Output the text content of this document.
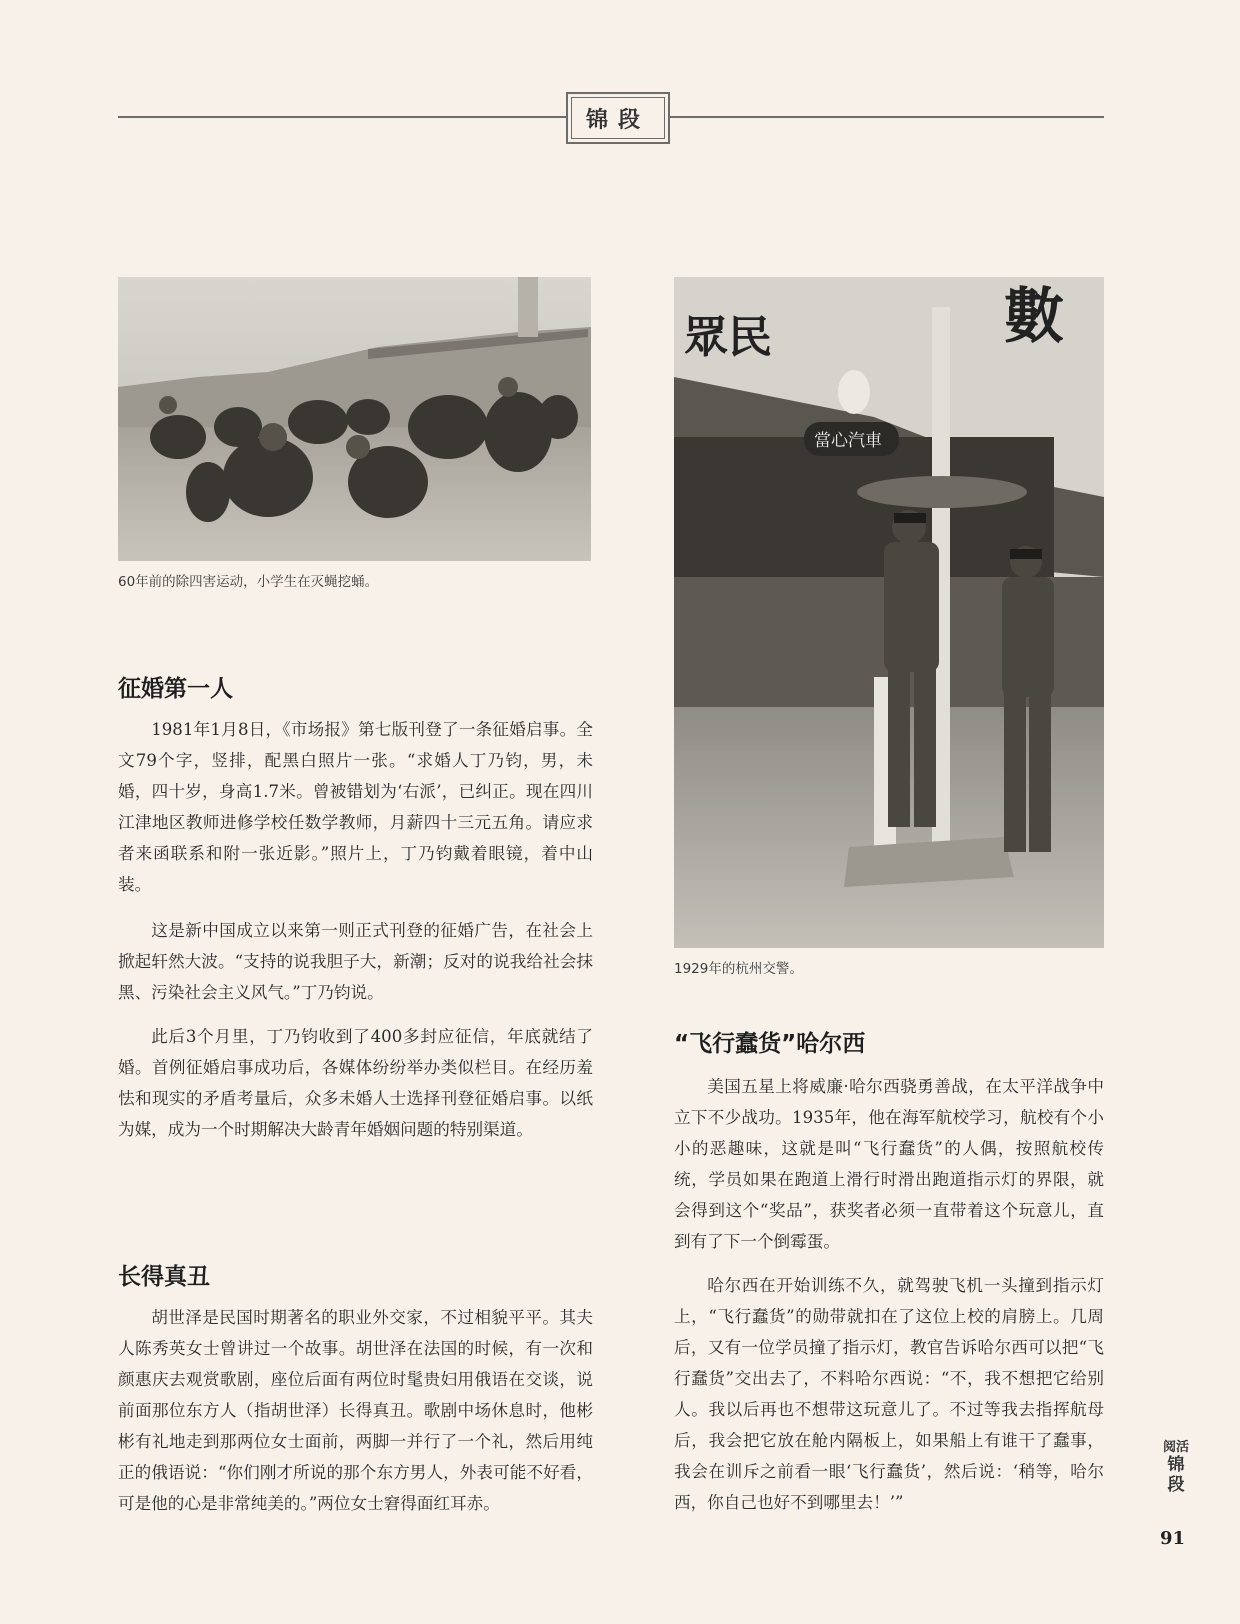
锦段
60年前的除四害运动，小学生在灭蝇挖蛹。
眾民	數
當心汽車
1929年的杭州交警。
征婚第一人

1981年1月8日，《市场报》第七版刊登了一条征婚启事。全文79个字，竖排，配黑白照片一张。“求婚人丁乃钧，男，未婚，四十岁，身高1.7米。曾被错划为‘右派’，已纠正。现在四川江津地区教师进修学校任数学教师，月薪四十三元五角。请应求者来函联系和附一张近影。”照片上，丁乃钧戴着眼镜，着中山装。

这是新中国成立以来第一则正式刊登的征婚广告，在社会上掀起轩然大波。“支持的说我胆子大，新潮；反对的说我给社会抹黑、污染社会主义风气。”丁乃钧说。

此后3个月里，丁乃钧收到了400多封应征信，年底就结了婚。首例征婚启事成功后，各媒体纷纷举办类似栏目。在经历羞怯和现实的矛盾考量后，众多未婚人士选择刊登征婚启事。以纸为媒，成为一个时期解决大龄青年婚姻问题的特别渠道。

长得真丑

胡世泽是民国时期著名的职业外交家，不过相貌平平。其夫人陈秀英女士曾讲过一个故事。胡世泽在法国的时候，有一次和颜惠庆去观赏歌剧，座位后面有两位时髦贵妇用俄语在交谈，说前面那位东方人（指胡世泽）长得真丑。歌剧中场休息时，他彬彬有礼地走到那两位女士面前，两脚一并行了一个礼，然后用纯正的俄语说：“你们刚才所说的那个东方男人，外表可能不好看，可是他的心是非常纯美的。”两位女士窘得面红耳赤。

“飞行蠢货”哈尔西

美国五星上将威廉·哈尔西骁勇善战，在太平洋战争中立下不少战功。1935年，他在海军航校学习，航校有个小小的恶趣味，这就是叫“飞行蠢货”的人偶，按照航校传统，学员如果在跑道上滑行时滑出跑道指示灯的界限，就会得到这个“奖品”，获奖者必须一直带着这个玩意儿，直到有了下一个倒霉蛋。

哈尔西在开始训练不久，就驾驶飞机一头撞到指示灯上，“飞行蠢货”的勋带就扣在了这位上校的肩膀上。几周后，又有一位学员撞了指示灯，教官告诉哈尔西可以把“飞行蠢货”交出去了，不料哈尔西说：“不，我不想把它给别人。我以后再也不想带这玩意儿了。不过等我去指挥航母后，我会把它放在舱内隔板上，如果船上有谁干了蠢事，我会在训斥之前看一眼‘飞行蠢货’，然后说：‘稍等，哈尔西，你自己也好不到哪里去！’”

阅活
锦段
91
